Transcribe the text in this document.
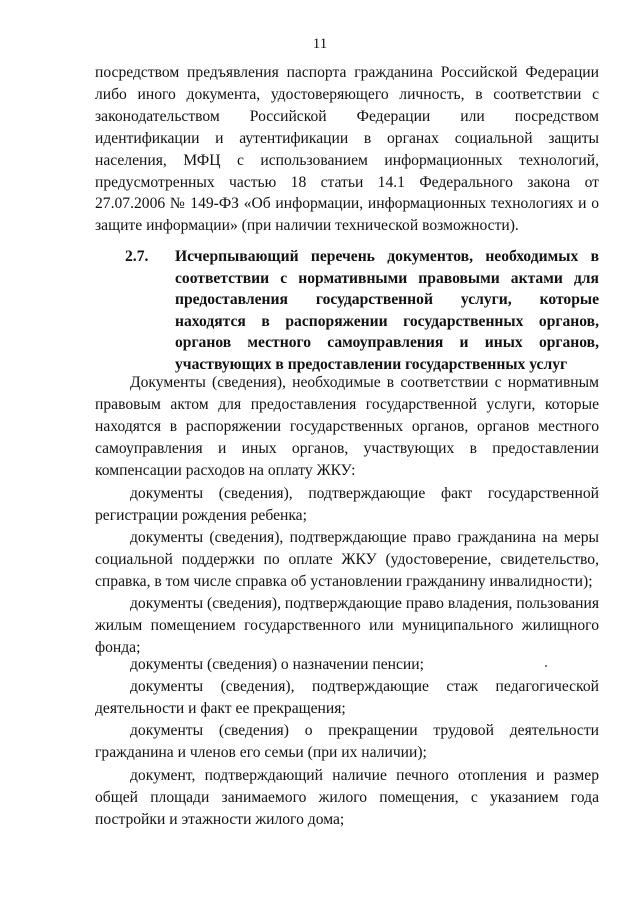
11

посредством предъявления паспорта гражданина Российской Федерации либо иного документа, удостоверяющего личность, в соответствии с законодательством Российской Федерации или посредством идентификации и аутентификации в органах социальной защиты населения, МФЦ с использованием информационных технологий, предусмотренных частью 18 статьи 14.1 Федерального закона от 27.07.2006 № 149-ФЗ «Об информации, информационных технологиях и о защите информации» (при наличии технической возможности).

2.7. Исчерпывающий перечень документов, необходимых в соответствии с нормативными правовыми актами для предоставления государственной услуги, которые находятся в распоряжении государственных органов, органов местного самоуправления и иных органов, участвующих в предоставлении государственных услуг

Документы (сведения), необходимые в соответствии с нормативным правовым актом для предоставления государственной услуги, которые находятся в распоряжении государственных органов, органов местного самоуправления и иных органов, участвующих в предоставлении компенсации расходов на оплату ЖКУ:

документы (сведения), подтверждающие факт государственной регистрации рождения ребенка;

документы (сведения), подтверждающие право гражданина на меры социальной поддержки по оплате ЖКУ (удостоверение, свидетельство, справка, в том числе справка об установлении гражданину инвалидности);

документы (сведения), подтверждающие право владения, пользования жилым помещением государственного или муниципального жилищного фонда;

документы (сведения) о назначении пенсии;

документы (сведения), подтверждающие стаж педагогической деятельности и факт ее прекращения;

документы (сведения) о прекращении трудовой деятельности гражданина и членов его семьи (при их наличии);

документ, подтверждающий наличие печного отопления и размер общей площади занимаемого жилого помещения, с указанием года постройки и этажности жилого дома;
